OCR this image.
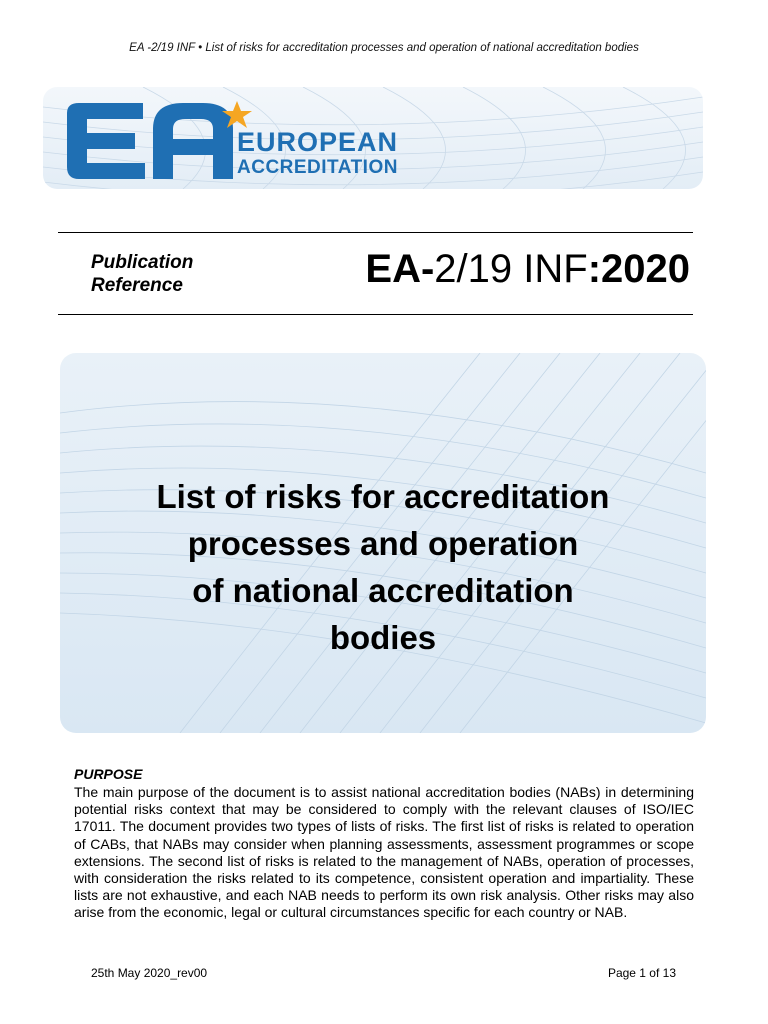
EA -2/19 INF • List of risks for accreditation processes and operation of national accreditation bodies
EUROPEAN
ACCREDITATION
Publication
Reference	EA-2/19 INF:2020
List of risks for accreditation
processes and operation
of national accreditation
bodies
PURPOSE
The main purpose of the document is to assist national accreditation bodies (NABs) in determining potential risks context that may be considered to comply with the relevant clauses of ISO/IEC 17011. The document provides two types of lists of risks. The first list of risks is related to operation of CABs, that NABs may consider when planning assessments, assessment programmes or scope extensions. The second list of risks is related to the management of NABs, operation of processes, with consideration the risks related to its competence, consistent operation and impartiality. These lists are not exhaustive, and each NAB needs to perform its own risk analysis. Other risks may also arise from the economic, legal or cultural circumstances specific for each country or NAB.
25th May 2020_rev00	Page 1 of 13
